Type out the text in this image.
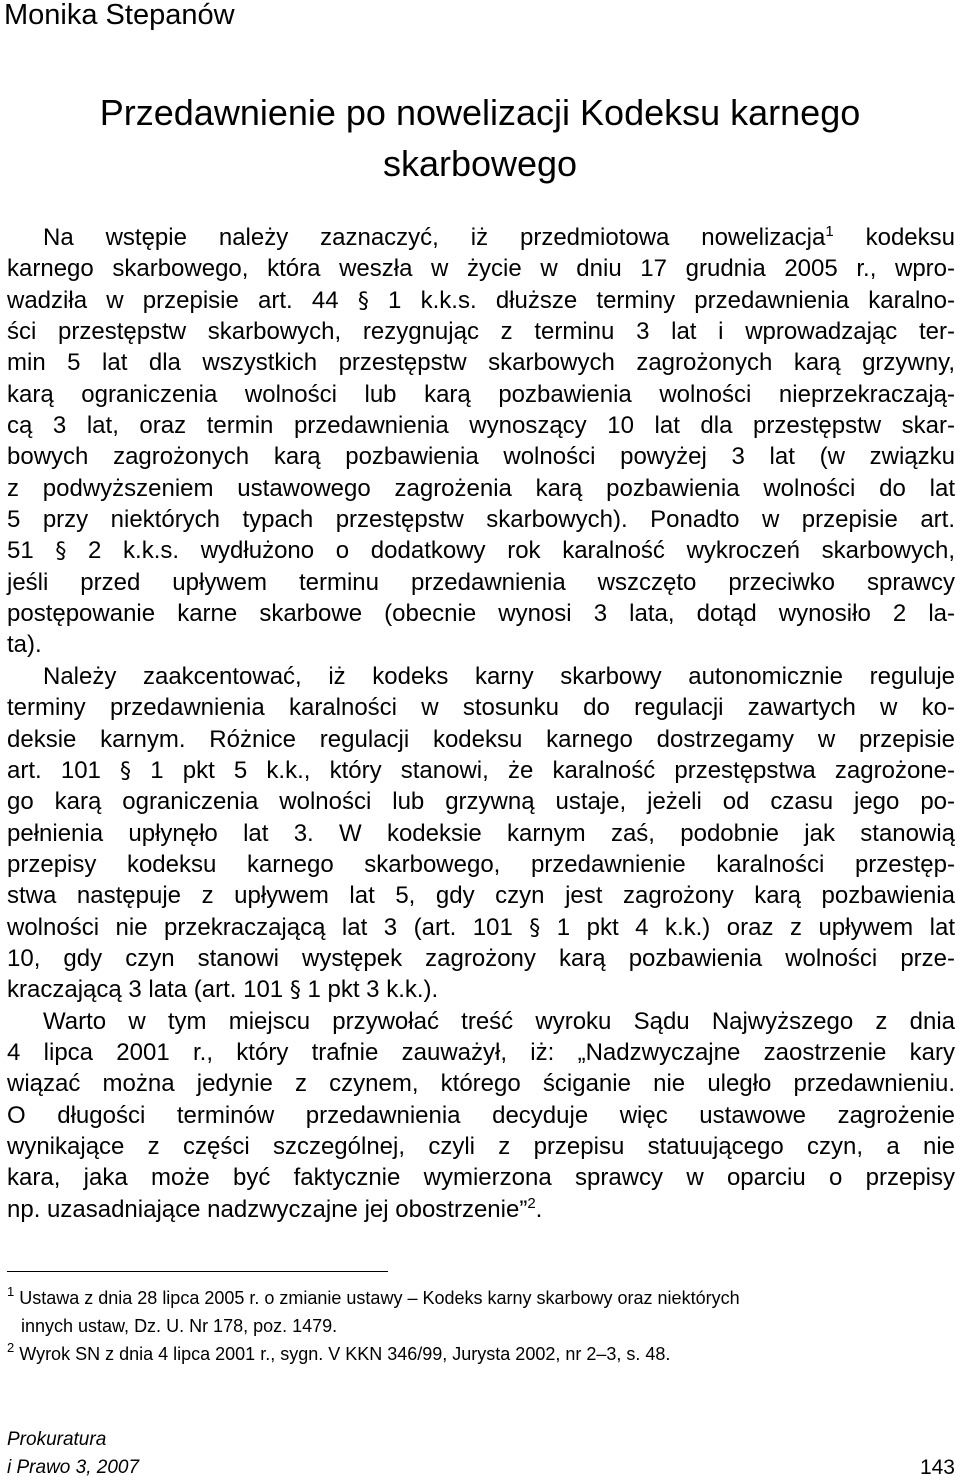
Monika Stepanów
Przedawnienie po nowelizacji Kodeksu karnego
skarbowego
Na wstępie należy zaznaczyć, iż przedmiotowa nowelizacja$^1$ kodeksu
karnego skarbowego, która weszła w życie w dniu 17 grudnia 2005 r., wpro-
wadziła w przepisie art. 44 § 1 k.k.s. dłuższe terminy przedawnienia karalno-
ści przestępstw skarbowych, rezygnując z terminu 3 lat i wprowadzając ter-
min 5 lat dla wszystkich przestępstw skarbowych zagrożonych karą grzywny,
karą ograniczenia wolności lub karą pozbawienia wolności nieprzekraczają-
cą 3 lat, oraz termin przedawnienia wynoszący 10 lat dla przestępstw skar-
bowych zagrożonych karą pozbawienia wolności powyżej 3 lat (w związku
z podwyższeniem ustawowego zagrożenia karą pozbawienia wolności do lat
5 przy niektórych typach przestępstw skarbowych). Ponadto w przepisie art.
51 § 2 k.k.s. wydłużono o dodatkowy rok karalność wykroczeń skarbowych,
jeśli przed upływem terminu przedawnienia wszczęto przeciwko sprawcy
postępowanie karne skarbowe (obecnie wynosi 3 lata, dotąd wynosiło 2 la-
ta).
Należy zaakcentować, iż kodeks karny skarbowy autonomicznie reguluje
terminy przedawnienia karalności w stosunku do regulacji zawartych w ko-
deksie karnym. Różnice regulacji kodeksu karnego dostrzegamy w przepisie
art. 101 § 1 pkt 5 k.k., który stanowi, że karalność przestępstwa zagrożone-
go karą ograniczenia wolności lub grzywną ustaje, jeżeli od czasu jego po-
pełnienia upłynęło lat 3. W kodeksie karnym zaś, podobnie jak stanowią
przepisy kodeksu karnego skarbowego, przedawnienie karalności przestęp-
stwa następuje z upływem lat 5, gdy czyn jest zagrożony karą pozbawienia
wolności nie przekraczającą lat 3 (art. 101 § 1 pkt 4 k.k.) oraz z upływem lat
10, gdy czyn stanowi występek zagrożony karą pozbawienia wolności prze-
kraczającą 3 lata (art. 101 § 1 pkt 3 k.k.).
Warto w tym miejscu przywołać treść wyroku Sądu Najwyższego z dnia
4 lipca 2001 r., który trafnie zauważył, iż: „Nadzwyczajne zaostrzenie kary
wiązać można jedynie z czynem, którego ściganie nie uległo przedawnieniu.
O długości terminów przedawnienia decyduje więc ustawowe zagrożenie
wynikające z części szczególnej, czyli z przepisu statuującego czyn, a nie
kara, jaka może być faktycznie wymierzona sprawcy w oparciu o przepisy
np. uzasadniające nadzwyczajne jej obostrzenie”$^2$.
$^1$ Ustawa z dnia 28 lipca 2005 r. o zmianie ustawy – Kodeks karny skarbowy oraz niektórych
innych ustaw, Dz. U. Nr 178, poz. 1479.
$^2$ Wyrok SN z dnia 4 lipca 2001 r., sygn. V KKN 346/99, Jurysta 2002, nr 2–3, s. 48.
Prokuratura
i Prawo 3, 2007	143
